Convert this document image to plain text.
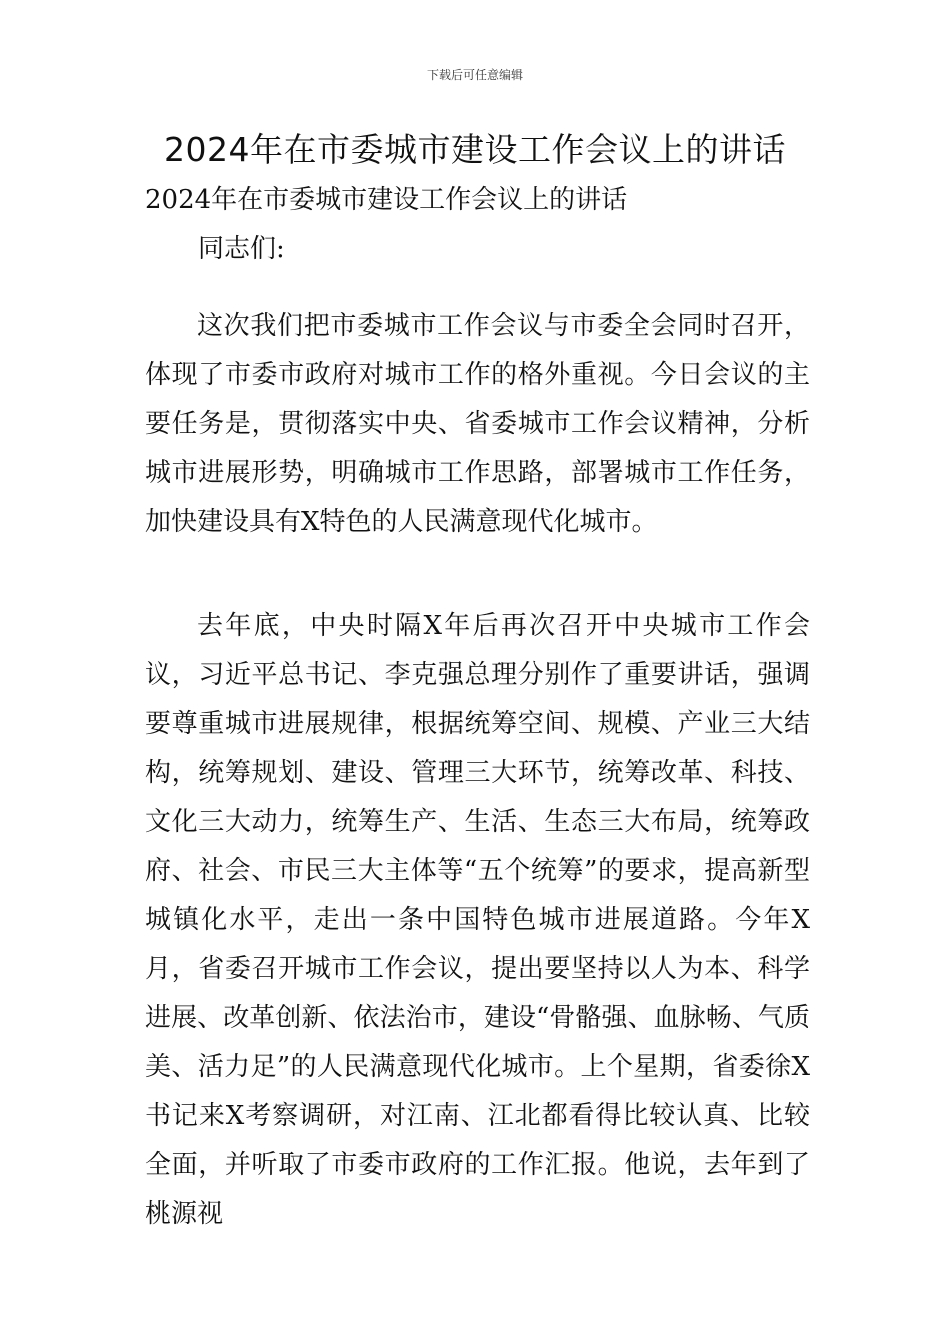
下载后可任意编辑
2024年在市委城市建设工作会议上的讲话
2024年在市委城市建设工作会议上的讲话
同志们:

这次我们把市委城市工作会议与市委全会同时召开，体现了市委市政府对城市工作的格外重视。今日会议的主要任务是，贯彻落实中央、省委城市工作会议精神，分析城市进展形势，明确城市工作思路，部署城市工作任务，加快建设具有X特色的人民满意现代化城市。

去年底，中央时隔X年后再次召开中央城市工作会议，习近平总书记、李克强总理分别作了重要讲话，强调要尊重城市进展规律，根据统筹空间、规模、产业三大结构，统筹规划、建设、管理三大环节，统筹改革、科技、文化三大动力，统筹生产、生活、生态三大布局，统筹政府、社会、市民三大主体等“五个统筹”的要求，提高新型城镇化水平，走出一条中国特色城市进展道路。今年X月，省委召开城市工作会议，提出要坚持以人为本、科学进展、改革创新、依法治市，建设“骨骼强、血脉畅、气质美、活力足”的人民满意现代化城市。上个星期，省委徐X书记来X考察调研，对江南、江北都看得比较认真、比较全面，并听取了市委市政府的工作汇报。他说，去年到了桃源视
